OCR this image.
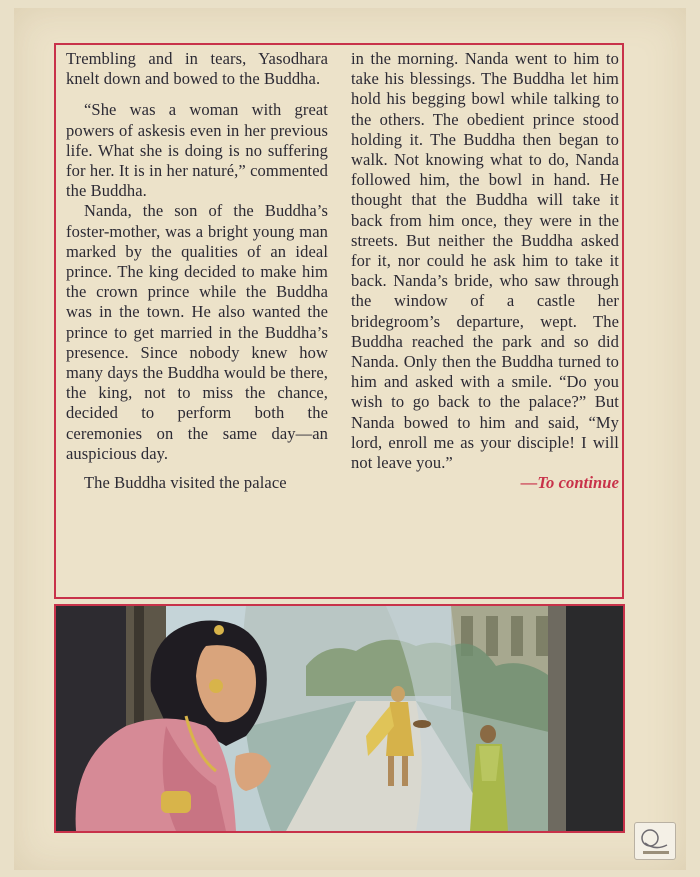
Trembling and in tears, Yasodhara knelt down and bowed to the Buddha.

“She was a woman with great powers of askesis even in her previous life. What she is doing is no suffering for her. It is in her naturé,” commented the Buddha.

Nanda, the son of the Buddha’s foster-mother, was a bright young man marked by the qualities of an ideal prince. The king decided to make him the crown prince while the Buddha was in the town. He also wanted the prince to get married in the Buddha’s presence. Since nobody knew how many days the Buddha would be there, the king, not to miss the chance, decided to perform both the ceremonies on the same day—an auspicious day.

The Buddha visited the palace

in the morning. Nanda went to him to take his blessings. The Buddha let him hold his begging bowl while talking to the others. The obedient prince stood holding it. The Buddha then began to walk. Not knowing what to do, Nanda followed him, the bowl in hand. He thought that the Buddha will take it back from him once, they were in the streets. But neither the Buddha asked for it, nor could he ask him to take it back. Nanda’s bride, who saw through the window of a castle her bridegroom’s departure, wept. The Buddha reached the park and so did Nanda. Only then the Buddha turned to him and asked with a smile. “Do you wish to go back to the palace?” But Nanda bowed to him and said, “My lord, enroll me as your disciple! I will not leave you.”

—To continue
